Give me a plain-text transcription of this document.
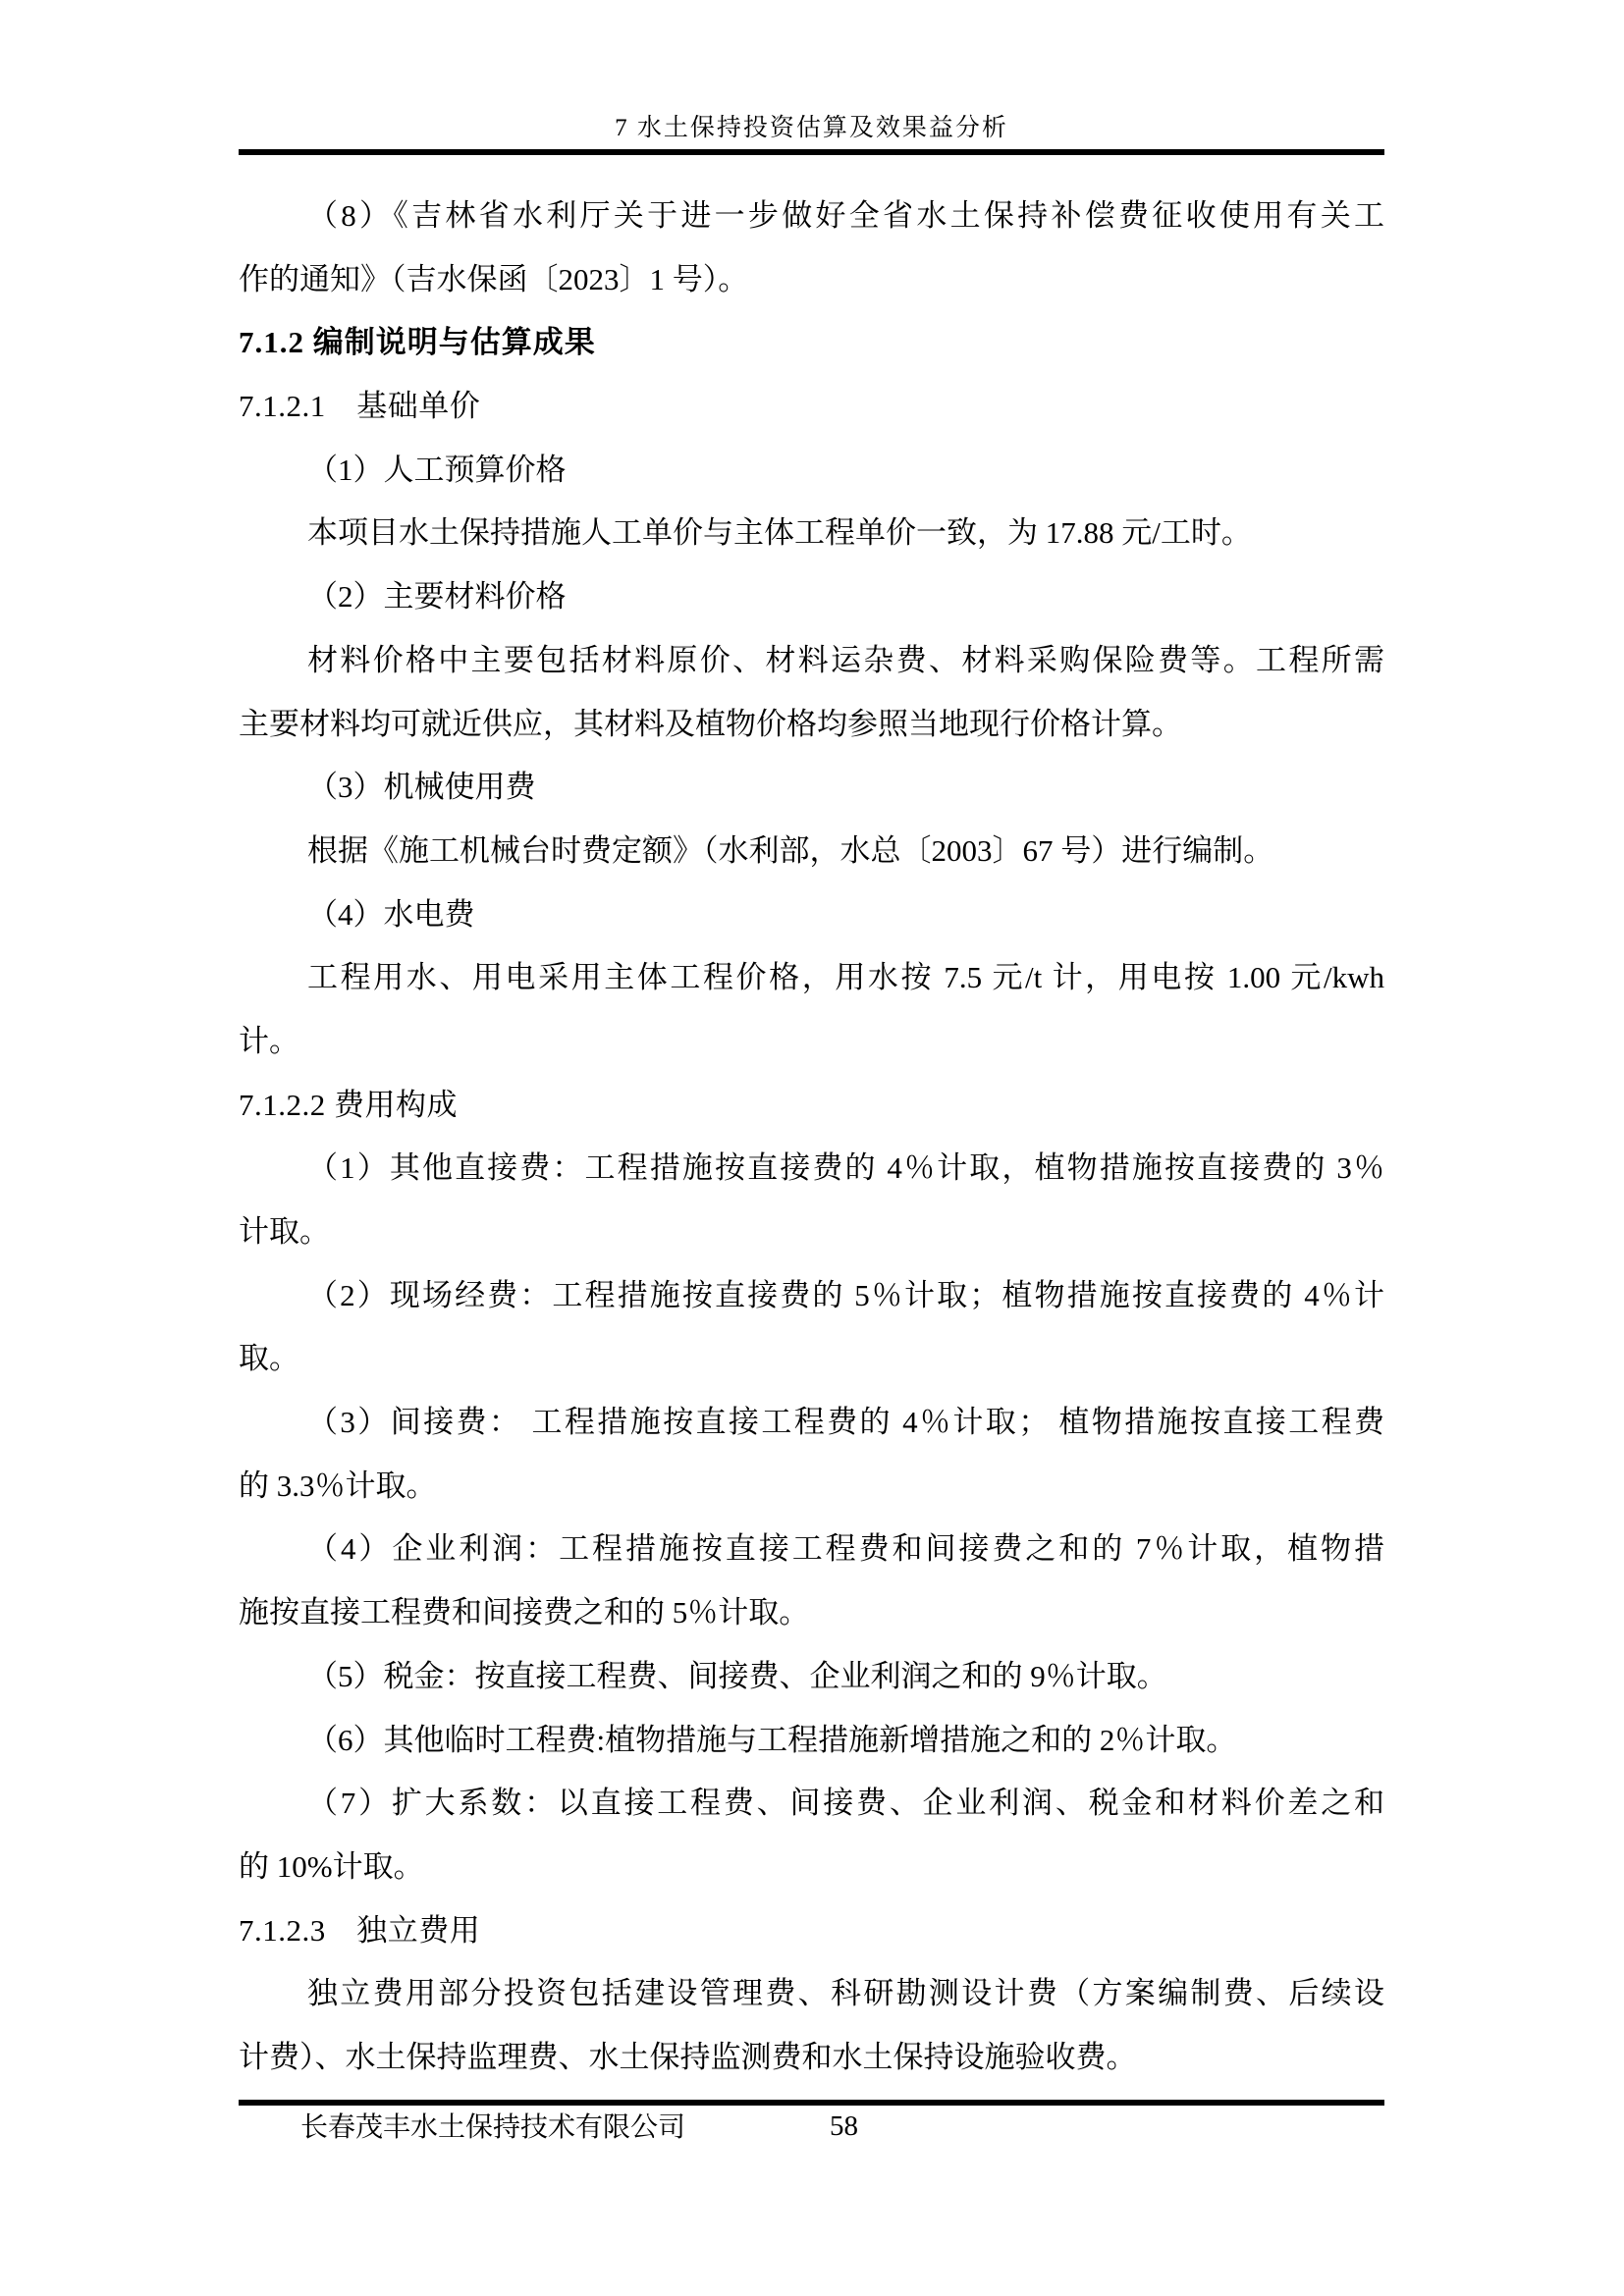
7 水土保持投资估算及效果益分析
（8）《吉林省水利厅关于进一步做好全省水土保持补偿费征收使用有关工
作的通知》（吉水保函〔2023〕1 号）。
7.1.2 编制说明与估算成果
7.1.2.1　基础单价
（1）人工预算价格
本项目水土保持措施人工单价与主体工程单价一致，为 17.88 元/工时。
（2）主要材料价格
材料价格中主要包括材料原价、材料运杂费、材料采购保险费等。工程所需
主要材料均可就近供应，其材料及植物价格均参照当地现行价格计算。
（3）机械使用费
根据《施工机械台时费定额》（水利部，水总〔2003〕67 号）进行编制。
（4）水电费
工程用水、用电采用主体工程价格，用水按 7.5 元/t 计，用电按 1.00 元/kwh
计。
7.1.2.2 费用构成
（1）其他直接费：工程措施按直接费的 4％计取，植物措施按直接费的 3％
计取。
（2）现场经费：工程措施按直接费的 5％计取；植物措施按直接费的 4％计
取。
（3）间接费： 工程措施按直接工程费的 4％计取； 植物措施按直接工程费
的 3.3％计取。
（4）企业利润：工程措施按直接工程费和间接费之和的 7％计取，植物措
施按直接工程费和间接费之和的 5％计取。
（5）税金：按直接工程费、间接费、企业利润之和的 9％计取。
（6）其他临时工程费:植物措施与工程措施新增措施之和的 2％计取。
（7）扩大系数：以直接工程费、间接费、企业利润、税金和材料价差之和
的 10%计取。
7.1.2.3　独立费用
独立费用部分投资包括建设管理费、科研勘测设计费（方案编制费、后续设
计费）、水土保持监理费、水土保持监测费和水土保持设施验收费。
长春茂丰水土保持技术有限公司	58
